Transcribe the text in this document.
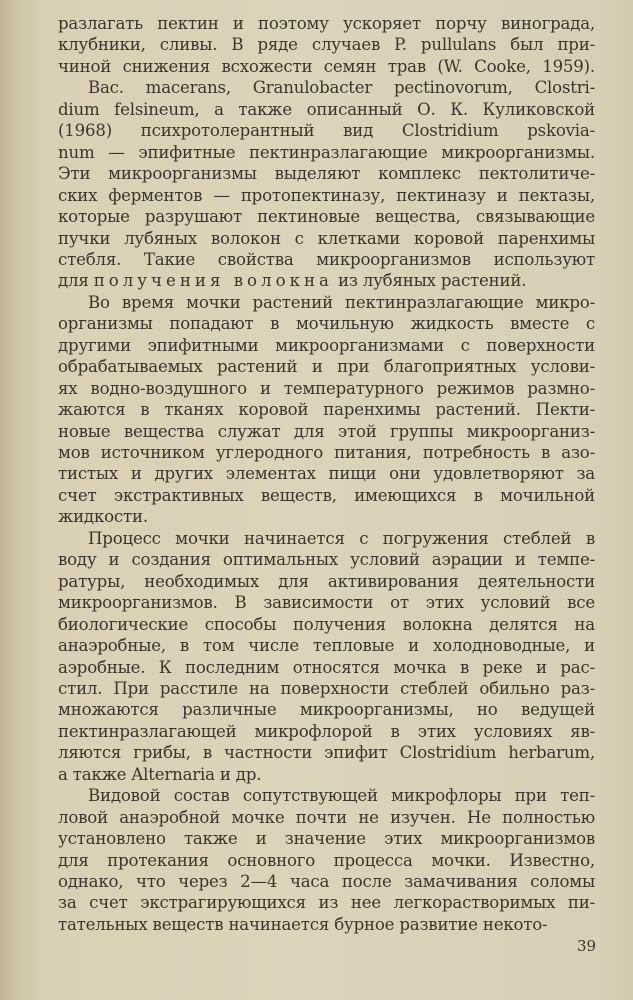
разлагать пектин и поэтому ускоряет порчу винограда,
клубники, сливы. В ряде случаев P. pullulans был при-
чиной снижения всхожести семян трав (W. Cooke, 1959).
Bac. macerans, Granulobacter pectinovorum, Clostri-
dium felsineum, а также описанный О. К. Куликовской
(1968) психротолерантный вид Clostridium pskovia-
num — эпифитные пектинразлагающие микроорганизмы.
Эти микроорганизмы выделяют комплекс пектолитиче-
ских ферментов — протопектиназу, пектиназу и пектазы,
которые разрушают пектиновые вещества, связывающие
пучки лубяных волокон с клетками коровой паренхимы
стебля. Такие свойства микроорганизмов используют
для получения волокна из лубяных растений.
Во время мочки растений пектинразлагающие микро-
организмы попадают в мочильную жидкость вместе с
другими эпифитными микроорганизмами с поверхности
обрабатываемых растений и при благоприятных услови-
ях водно-воздушного и температурного режимов размно-
жаются в тканях коровой паренхимы растений. Пекти-
новые вещества служат для этой группы микроорганиз-
мов источником углеродного питания, потребность в азо-
тистых и других элементах пищи они удовлетворяют за
счет экстрактивных веществ, имеющихся в мочильной
жидкости.
Процесс мочки начинается с погружения стеблей в
воду и создания оптимальных условий аэрации и темпе-
ратуры, необходимых для активирования деятельности
микроорганизмов. В зависимости от этих условий все
биологические способы получения волокна делятся на
анаэробные, в том числе тепловые и холодноводные, и
аэробные. К последним относятся мочка в реке и рас-
стил. При расстиле на поверхности стеблей обильно раз-
множаются различные микроорганизмы, но ведущей
пектинразлагающей микрофлорой в этих условиях яв-
ляются грибы, в частности эпифит Clostridium herbarum,
а также Alternaria и др.
Видовой состав сопутствующей микрофлоры при теп-
ловой анаэробной мочке почти не изучен. Не полностью
установлено также и значение этих микроорганизмов
для протекания основного процесса мочки. Известно,
однако, что через 2—4 часа после замачивания соломы
за счет экстрагирующихся из нее легкорастворимых пи-
тательных веществ начинается бурное развитие некото-
39
